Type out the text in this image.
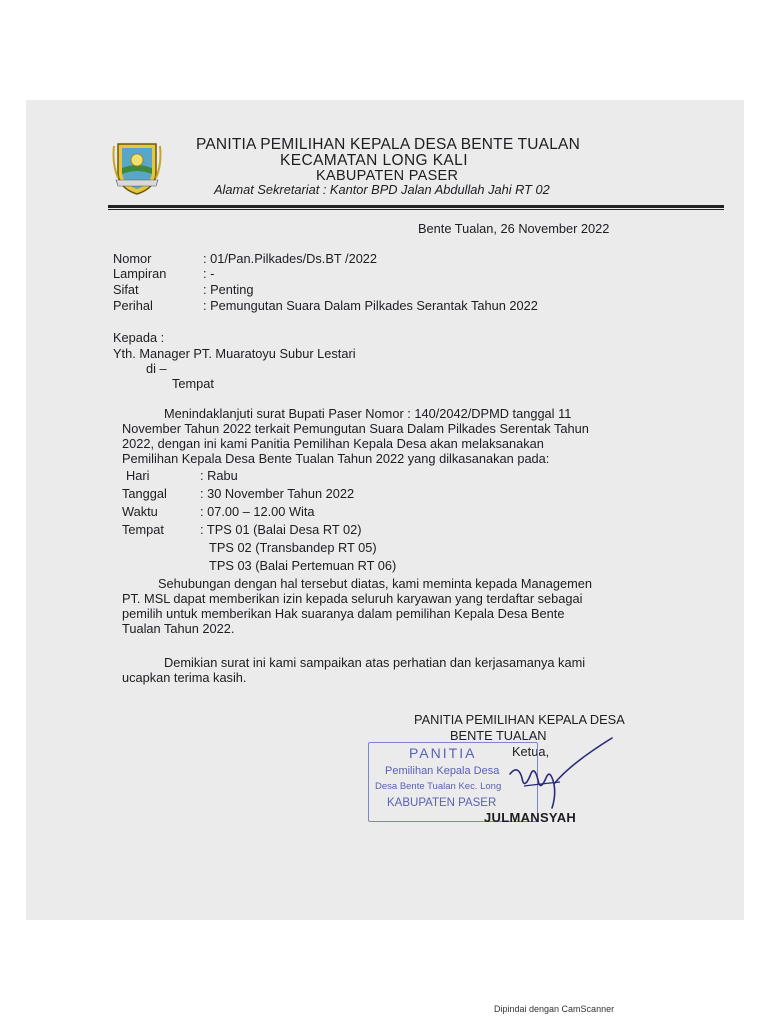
PANITIA PEMILIHAN KEPALA DESA BENTE TUALAN
KECAMATAN LONG KALI
KABUPATEN PASER
Alamat Sekretariat : Kantor BPD Jalan Abdullah Jahi RT 02
Bente Tualan, 26 November 2022
Nomor	: 01/Pan.Pilkades/Ds.BT /2022
Lampiran	: -
Sifat	: Penting
Perihal	: Pemungutan Suara Dalam Pilkades Serantak Tahun 2022
Kepada :
Yth. Manager PT. Muaratoyu Subur Lestari
di –
Tempat
Menindaklanjuti surat Bupati Paser Nomor : 140/2042/DPMD tanggal 11
November Tahun 2022 terkait Pemungutan Suara Dalam Pilkades Serentak Tahun
2022, dengan ini kami Panitia Pemilihan Kepala Desa akan melaksanakan
Pemilihan Kepala Desa Bente Tualan Tahun 2022 yang dilkasanakan pada:
Hari	: Rabu
Tanggal	: 30 November Tahun 2022
Waktu	: 07.00 – 12.00 Wita
Tempat	: TPS 01 (Balai Desa RT 02)
TPS 02 (Transbandep RT 05)
TPS 03 (Balai Pertemuan RT 06)
Sehubungan dengan hal tersebut diatas, kami meminta kepada Managemen
PT. MSL dapat memberikan izin kepada seluruh karyawan yang terdaftar sebagai
pemilih untuk memberikan Hak suaranya dalam pemilihan Kepala Desa Bente
Tualan Tahun 2022.
Demikian surat ini kami sampaikan atas perhatian dan kerjasamanya kami
ucapkan terima kasih.
PANITIA PEMILIHAN KEPALA DESA
BENTE TUALAN
Ketua,
PANITIA
Pemilihan Kepala Desa
Desa Bente Tualan Kec. Long
KABUPATEN PASER
JULMANSYAH
Dipindai dengan CamScanner
